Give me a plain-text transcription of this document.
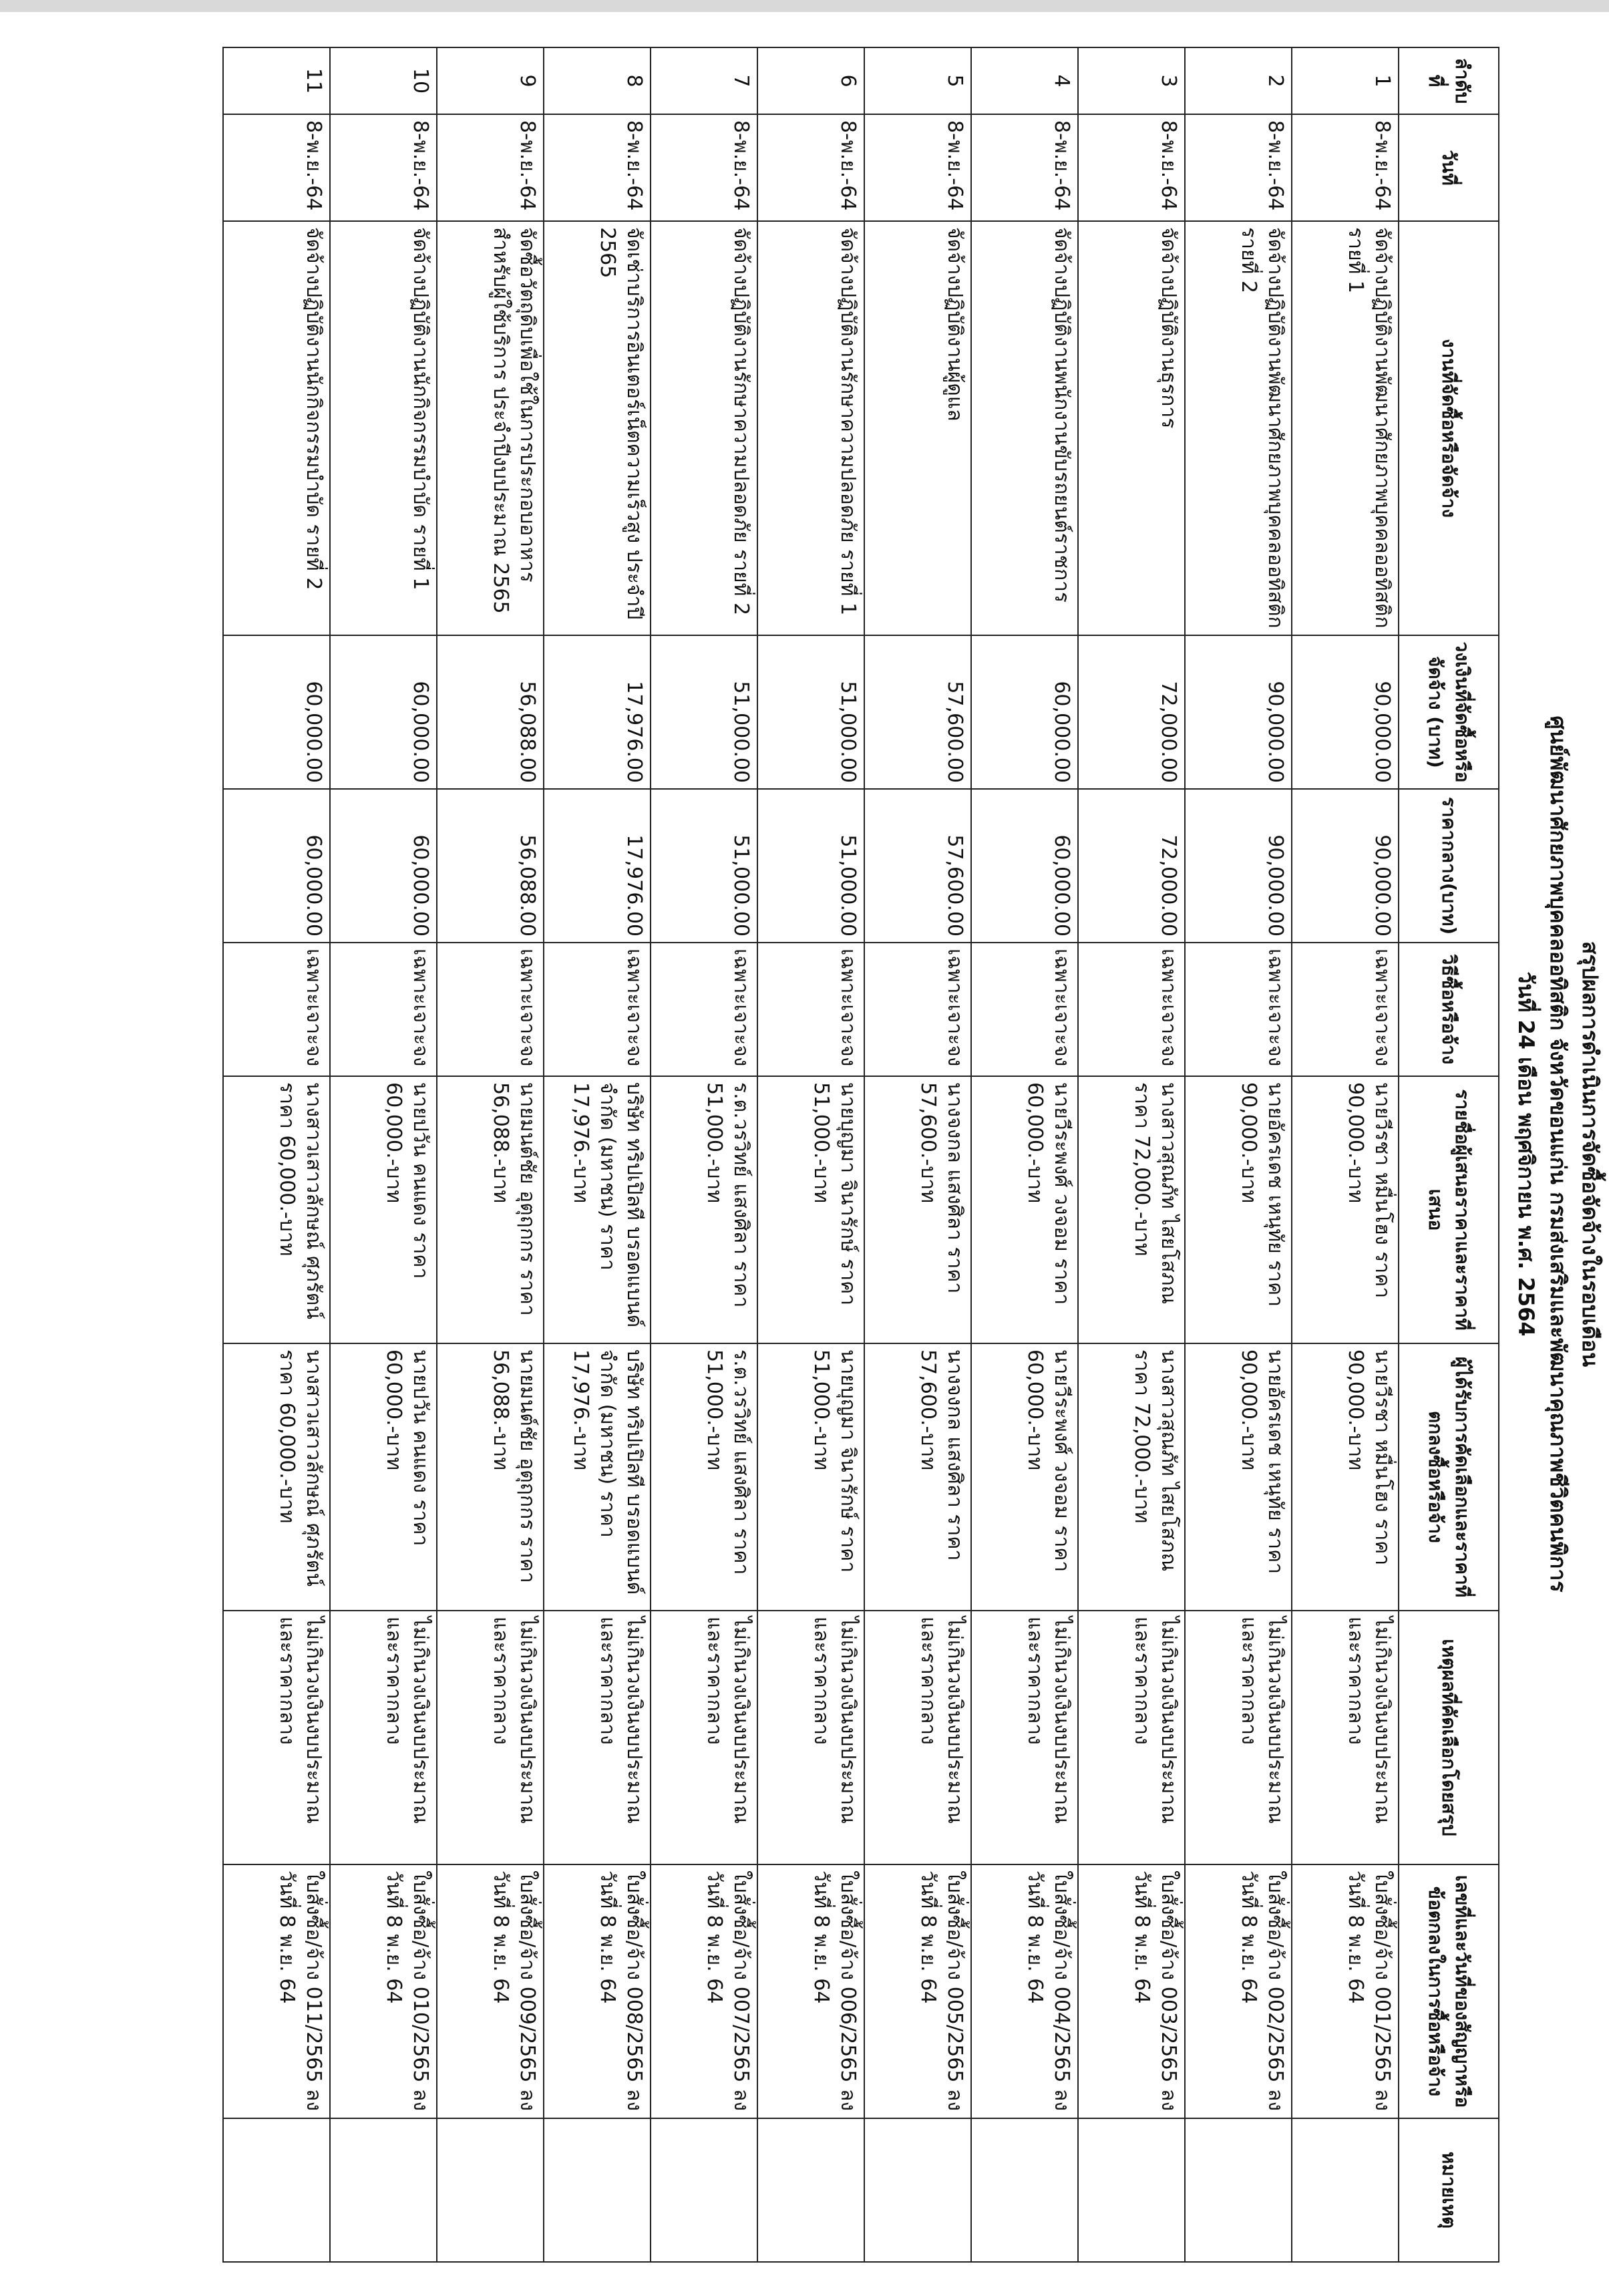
สรุปผลการดำเนินการจัดซื้อจัดจ้างในรอบเดือน
ศูนย์พัฒนาศักยภาพบุคคลออทิสติก จังหวัดขอนแก่น กรมส่งเสริมและพัฒนาคุณภาพชีวิตคนพิการ
วันที่ 24 เดือน พฤศจิกายน พ.ศ. 2564
ลำดับที่	วันที่	งานที่จัดซื้อหรือจัดจ้าง	วงเงินที่จัดซื้อหรือจัดจ้าง (บาท)	ราคากลาง(บาท)	วิธีซื้อหรือจ้าง	รายชื่อผู้เสนอราคาและราคาที่เสนอ	ผู้ได้รับการคัดเลือกและราคาที่ตกลงซื้อหรือจ้าง	เหตุผลที่คัดเลือกโดยสรุป	เลขที่และวันที่ของสัญญาหรือข้อตกลงในการซื้อหรือจ้าง	หมายเหตุ
1	8-พ.ย.-64	จัดจ้างปฏิบัติงานพัฒนาศักยภาพบุคคลออทิสติก รายที่ 1	90,000.00	90,000.00	เฉพาะเจาะจง	นายวีรชา หมื่นโฮง ราคา 90,000.-บาท	นายวีรชา หมื่นโฮง ราคา 90,000.-บาท	ไม่เกินวงเงินงบประมาณ และราคากลาง	ใบสั่งซื้อ/จ้าง 001/2565 ลงวันที่ 8 พ.ย. 64	
2	8-พ.ย.-64	จัดจ้างปฏิบัติงานพัฒนาศักยภาพบุคคลออทิสติก รายที่ 2	90,000.00	90,000.00	เฉพาะเจาะจง	นายอัครเดช เหนุทัย ราคา 90,000.-บาท	นายอัครเดช เหนุทัย ราคา 90,000.-บาท	ไม่เกินวงเงินงบประมาณ และราคากลาง	ใบสั่งซื้อ/จ้าง 002/2565 ลงวันที่ 8 พ.ย. 64	
3	8-พ.ย.-64	จัดจ้างปฏิบัติงานธุรการ	72,000.00	72,000.00	เฉพาะเจาะจง	นางสาวสุณภัท ไสยโสภณ ราคา 72,000.-บาท	นางสาวสุณภัท ไสยโสภณ ราคา 72,000.-บาท	ไม่เกินวงเงินงบประมาณ และราคากลาง	ใบสั่งซื้อ/จ้าง 003/2565 ลงวันที่ 8 พ.ย. 64	
4	8-พ.ย.-64	จัดจ้างปฏิบัติงานพนักงานขับรถยนต์ราชการ	60,000.00	60,000.00	เฉพาะเจาะจง	นายวีระพงศ์ วงจอม ราคา 60,000.-บาท	นายวีระพงศ์ วงจอม ราคา 60,000.-บาท	ไม่เกินวงเงินงบประมาณ และราคากลาง	ใบสั่งซื้อ/จ้าง 004/2565 ลงวันที่ 8 พ.ย. 64	
5	8-พ.ย.-64	จัดจ้างปฏิบัติงานผู้ดูแล	57,600.00	57,600.00	เฉพาะเจาะจง	นางจงกล แสงศิลา ราคา 57,600.-บาท	นางจงกล แสงศิลา ราคา 57,600.-บาท	ไม่เกินวงเงินงบประมาณ และราคากลาง	ใบสั่งซื้อ/จ้าง 005/2565 ลงวันที่ 8 พ.ย. 64	
6	8-พ.ย.-64	จัดจ้างปฏิบัติงานรักษาความปลอดภัย รายที่ 1	51,000.00	51,000.00	เฉพาะเจาะจง	นายบุญมา จินารักษ์ ราคา 51,000.-บาท	นายบุญมา จินารักษ์ ราคา 51,000.-บาท	ไม่เกินวงเงินงบประมาณ และราคากลาง	ใบสั่งซื้อ/จ้าง 006/2565 ลงวันที่ 8 พ.ย. 64	
7	8-พ.ย.-64	จัดจ้างปฏิบัติงานรักษาความปลอดภัย รายที่ 2	51,000.00	51,000.00	เฉพาะเจาะจง	ร.ต.วรวิทย์ แสงศิลา ราคา 51,000.-บาท	ร.ต.วรวิทย์ แสงศิลา ราคา 51,000.-บาท	ไม่เกินวงเงินงบประมาณ และราคากลาง	ใบสั่งซื้อ/จ้าง 007/2565 ลงวันที่ 8 พ.ย. 64	
8	8-พ.ย.-64	จัดเช่าบริการอินเตอร์เน็ตความเร็วสูง ประจำปี 2565	17,976.00	17,976.00	เฉพาะเจาะจง	บริษัท ทริปเปิลที บรอดแบนด์ จำกัด (มหาชน) ราคา 17,976.-บาท	บริษัท ทริปเปิลที บรอดแบนด์ จำกัด (มหาชน) ราคา 17,976.-บาท	ไม่เกินวงเงินงบประมาณ และราคากลาง	ใบสั่งซื้อ/จ้าง 008/2565 ลงวันที่ 8 พ.ย. 64	
9	8-พ.ย.-64	จัดซื้อวัตถุดิบเพื่อใช้ในการประกอบอาหารสำหรับผู้ใช้บริการ ประจำปีงบประมาณ 2565	56,088.00	56,088.00	เฉพาะเจาะจง	นายมนต์ชัย อุตุฤกกร ราคา 56,088.-บาท	นายมนต์ชัย อุตุฤกกร ราคา 56,088.-บาท	ไม่เกินวงเงินงบประมาณ และราคากลาง	ใบสั่งซื้อ/จ้าง 009/2565 ลงวันที่ 8 พ.ย. 64	
10	8-พ.ย.-64	จัดจ้างปฏิบัติงานนักกิจกรรมบำบัด รายที่ 1	60,000.00	60,000.00	เฉพาะเจาะจง	นายปวัน คนแดง ราคา 60,000.-บาท	นายปวัน คนแดง ราคา 60,000.-บาท	ไม่เกินวงเงินงบประมาณ และราคากลาง	ใบสั่งซื้อ/จ้าง 010/2565 ลงวันที่ 8 พ.ย. 64	
11	8-พ.ย.-64	จัดจ้างปฏิบัติงานนักกิจกรรมบำบัด รายที่ 2	60,000.00	60,000.00	เฉพาะเจาะจง	นางสาวเสาวลักษณ์ ศุภรัตน์ ราคา 60,000.-บาท	นางสาวเสาวลักษณ์ ศุภรัตน์ ราคา 60,000.-บาท	ไม่เกินวงเงินงบประมาณ และราคากลาง	ใบสั่งซื้อ/จ้าง 011/2565 ลงวันที่ 8 พ.ย. 64	
